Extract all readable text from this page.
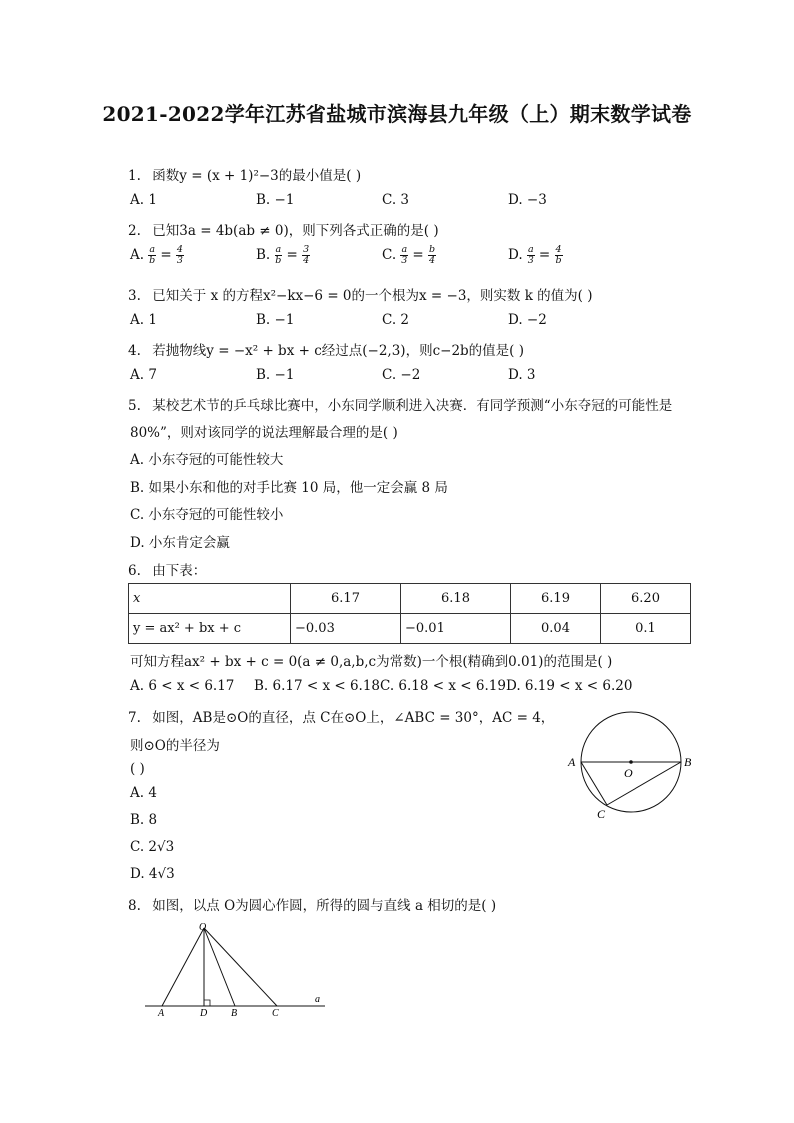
2021-2022学年江苏省盐城市滨海县九年级（上）期末数学试卷
1. 函数y = (x + 1)²−3的最小值是( )
A. 1	B. −1	C. 3	D. −3
2. 已知3a = 4b(ab ≠ 0)，则下列各式正确的是( )
A. $\frac{a}{b} = \frac{4}{3}$	B. $\frac{a}{b} = \frac{3}{4}$	C. $\frac{a}{3} = \frac{b}{4}$	D. $\frac{a}{3} = \frac{4}{b}$
3. 已知关于 x 的方程x²−kx−6 = 0的一个根为x = −3，则实数 k 的值为( )
A. 1	B. −1	C. 2	D. −2
4. 若抛物线y = −x² + bx + c经过点(−2,3)，则c−2b的值是( )
A. 7	B. −1	C. −2	D. 3
5. 某校艺术节的乒乓球比赛中，小东同学顺利进入决赛．有同学预测“小东夺冠的可能性是
80%”，则对该同学的说法理解最合理的是( )
A. 小东夺冠的可能性较大
B. 如果小东和他的对手比赛 10 局，他一定会赢 8 局
C. 小东夺冠的可能性较小
D. 小东肯定会赢
6. 由下表：
x	6.17	6.18	6.19	6.20
y = ax² + bx + c	−0.03	−0.01	0.04	0.1
可知方程ax² + bx + c = 0(a ≠ 0,a,b,c为常数)一个根(精确到0.01)的范围是( )
A. 6 < x < 6.17 B. 6.17 < x < 6.18 C. 6.18 < x < 6.19 D. 6.19 < x < 6.20
7. 如图，AB是⊙O的直径，点 C在⊙O上，∠ABC = 30°，AC = 4，
则⊙O的半径为
( )
A. 4
B. 8
C. 2√3
D. 4√3
A	B
O
C
8. 如图，以点 O为圆心作圆，所得的圆与直线 a 相切的是( )
O
A	D B	C
a
